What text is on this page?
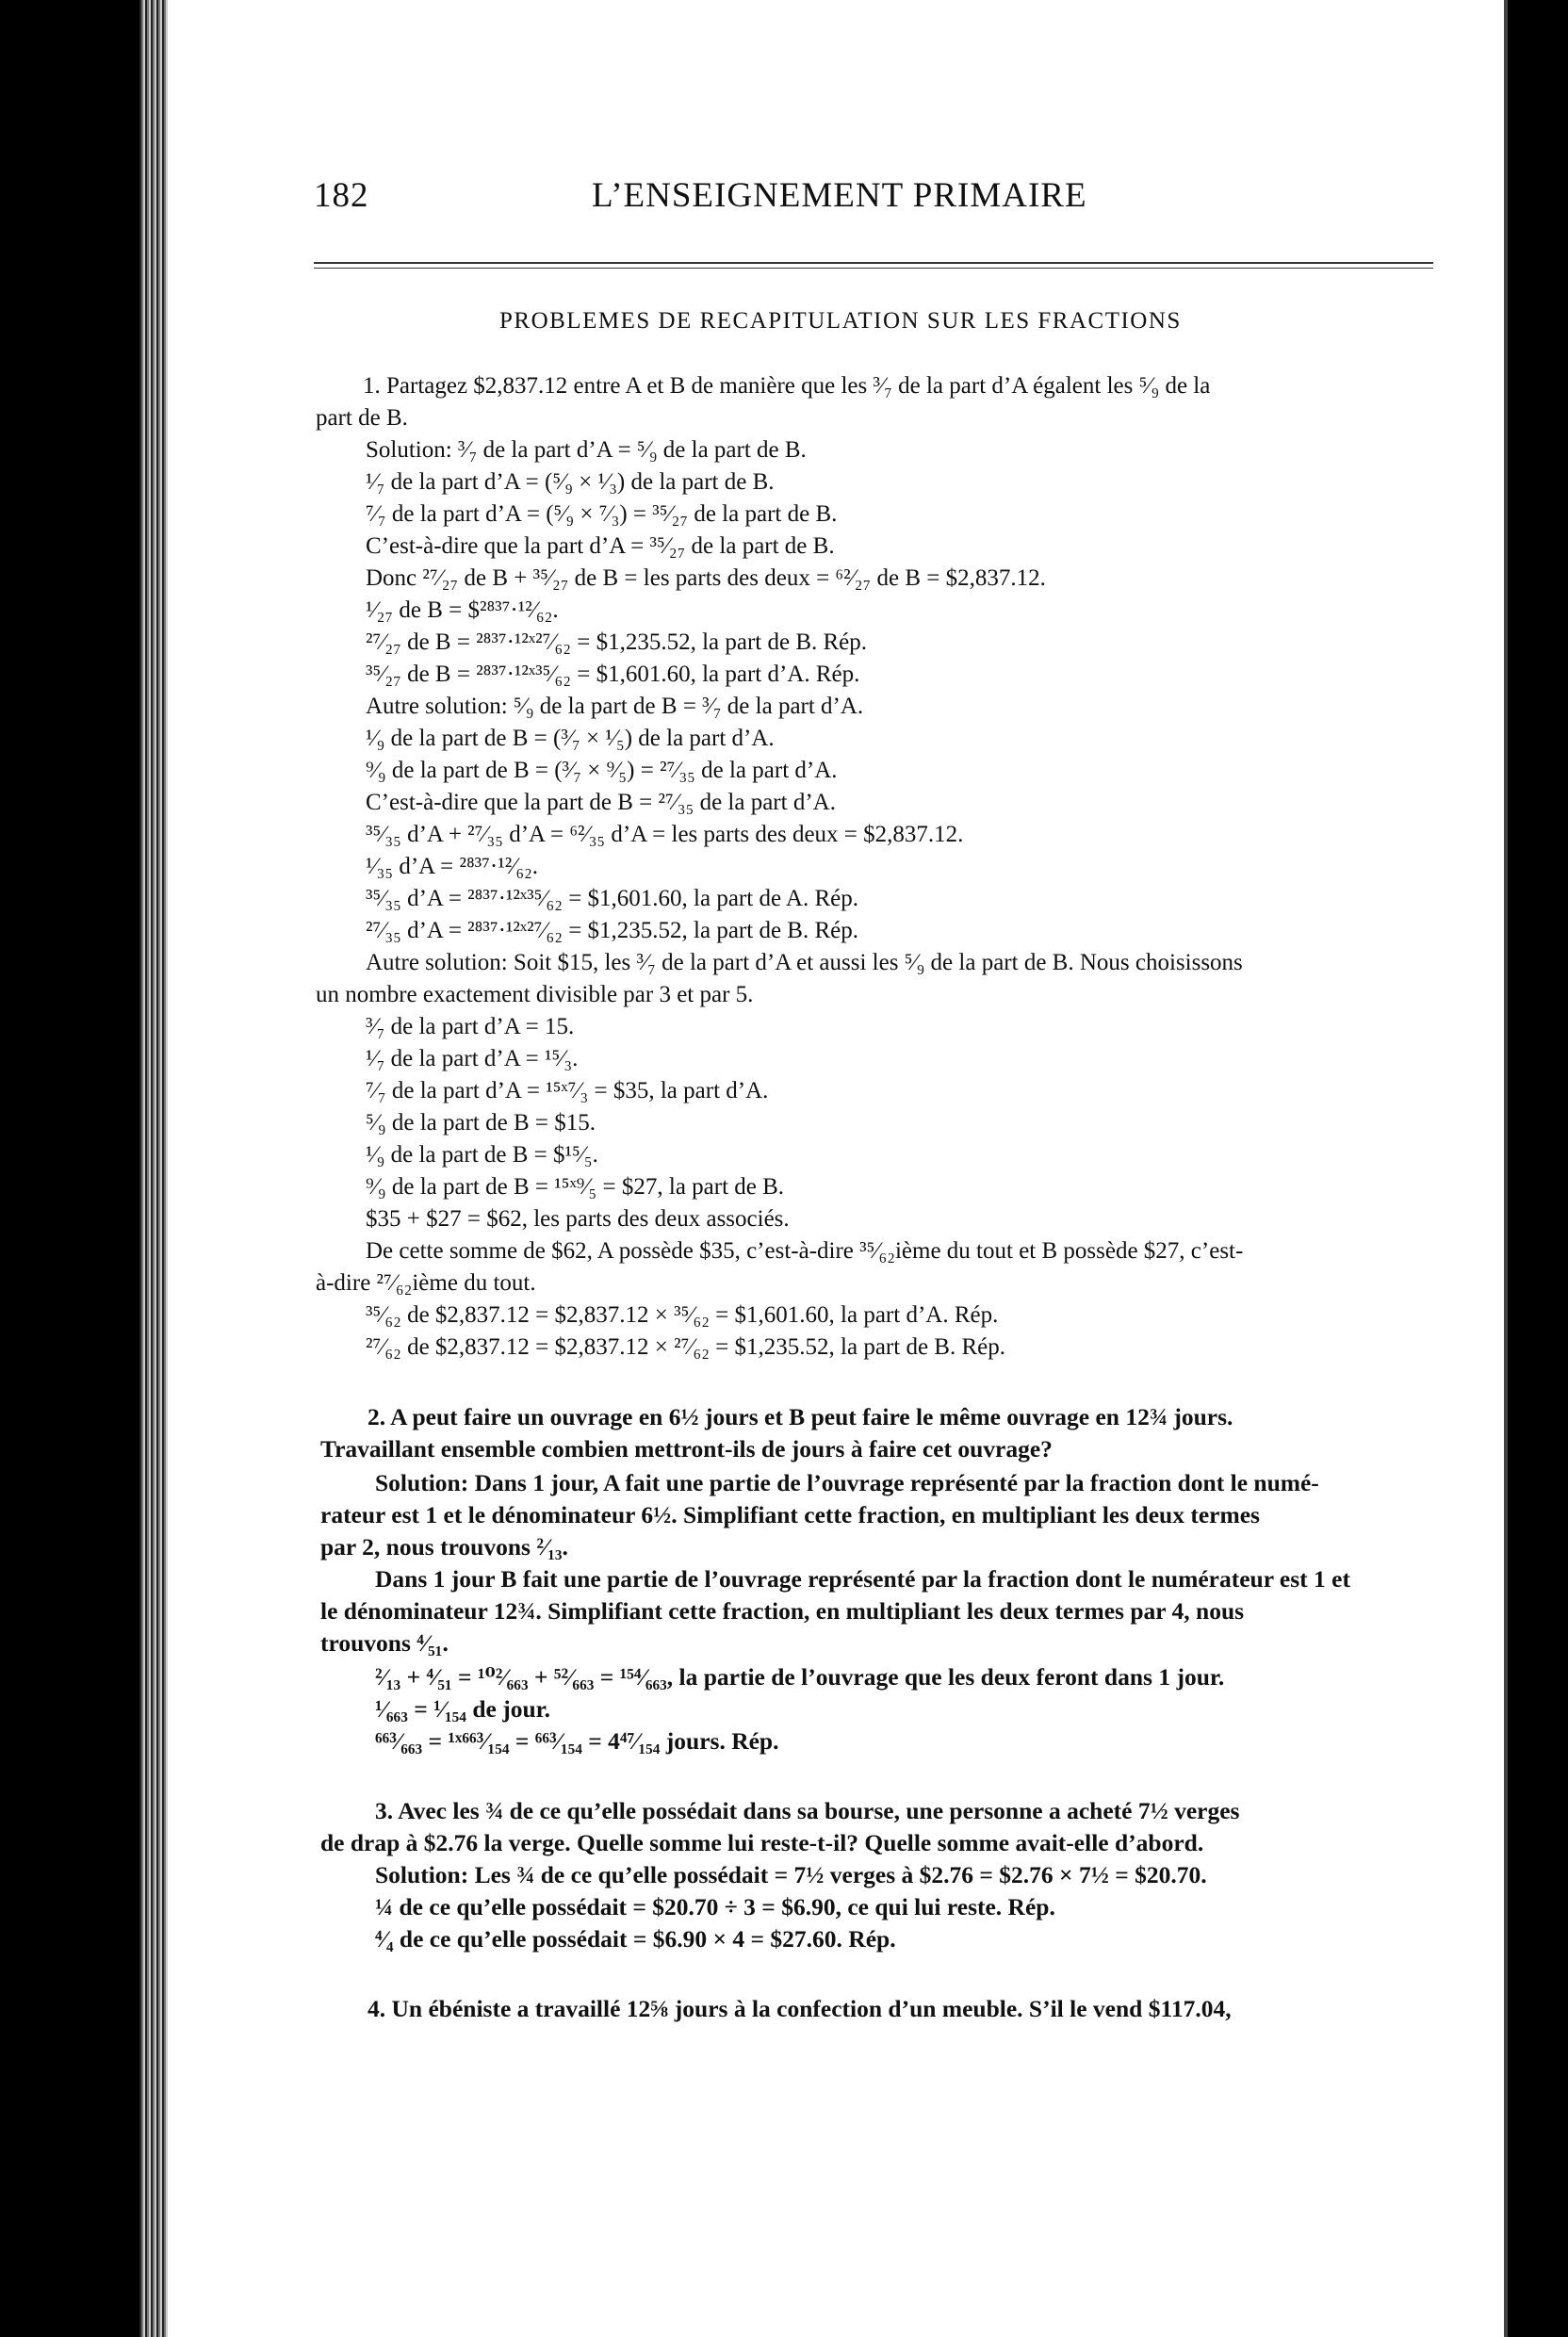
182	L’ENSEIGNEMENT PRIMAIRE
PROBLEMES DE RECAPITULATION SUR LES FRACTIONS
1. Partagez $2,837.12 entre A et B de manière que les ³⁄₇ de la part d’A égalent les ⁵⁄₉ de la
part de B.
Solution: ³⁄₇ de la part d’A = ⁵⁄₉ de la part de B.
¹⁄₇ de la part d’A = (⁵⁄₉ × ¹⁄₃) de la part de B.
⁷⁄₇ de la part d’A = (⁵⁄₉ × ⁷⁄₃) = ³⁵⁄₂₇ de la part de B.
C’est-à-dire que la part d’A = ³⁵⁄₂₇ de la part de B.
Donc ²⁷⁄₂₇ de B + ³⁵⁄₂₇ de B = les parts des deux = ⁶²⁄₂₇ de B = $2,837.12.
¹⁄₂₇ de B = $²⁸³⁷·¹²⁄₆₂.
²⁷⁄₂₇ de B = ²⁸³⁷·¹²ˣ²⁷⁄₆₂ = $1,235.52, la part de B. Rép.
³⁵⁄₂₇ de B = ²⁸³⁷·¹²ˣ³⁵⁄₆₂ = $1,601.60, la part d’A. Rép.
Autre solution: ⁵⁄₉ de la part de B = ³⁄₇ de la part d’A.
¹⁄₉ de la part de B = (³⁄₇ × ¹⁄₅) de la part d’A.
⁹⁄₉ de la part de B = (³⁄₇ × ⁹⁄₅) = ²⁷⁄₃₅ de la part d’A.
C’est-à-dire que la part de B = ²⁷⁄₃₅ de la part d’A.
³⁵⁄₃₅ d’A + ²⁷⁄₃₅ d’A = ⁶²⁄₃₅ d’A = les parts des deux = $2,837.12.
¹⁄₃₅ d’A = ²⁸³⁷·¹²⁄₆₂.
³⁵⁄₃₅ d’A = ²⁸³⁷·¹²ˣ³⁵⁄₆₂ = $1,601.60, la part de A. Rép.
²⁷⁄₃₅ d’A = ²⁸³⁷·¹²ˣ²⁷⁄₆₂ = $1,235.52, la part de B. Rép.
Autre solution: Soit $15, les ³⁄₇ de la part d’A et aussi les ⁵⁄₉ de la part de B. Nous choisissons
un nombre exactement divisible par 3 et par 5.
³⁄₇ de la part d’A = 15.
¹⁄₇ de la part d’A = ¹⁵⁄₃.
⁷⁄₇ de la part d’A = ¹⁵ˣ⁷⁄₃ = $35, la part d’A.
⁵⁄₉ de la part de B = $15.
¹⁄₉ de la part de B = $¹⁵⁄₅.
⁹⁄₉ de la part de B = ¹⁵ˣ⁹⁄₅ = $27, la part de B.
$35 + $27 = $62, les parts des deux associés.
De cette somme de $62, A possède $35, c’est-à-dire ³⁵⁄₆₂ième du tout et B possède $27, c’est-
à-dire ²⁷⁄₆₂ième du tout.
³⁵⁄₆₂ de $2,837.12 = $2,837.12 × ³⁵⁄₆₂ = $1,601.60, la part d’A. Rép.
²⁷⁄₆₂ de $2,837.12 = $2,837.12 × ²⁷⁄₆₂ = $1,235.52, la part de B. Rép.
2. A peut faire un ouvrage en 6½ jours et B peut faire le même ouvrage en 12¾ jours.
Travaillant ensemble combien mettront-ils de jours à faire cet ouvrage?
Solution: Dans 1 jour, A fait une partie de l’ouvrage représenté par la fraction dont le numé-
rateur est 1 et le dénominateur 6½. Simplifiant cette fraction, en multipliant les deux termes
par 2, nous trouvons ²⁄₁₃.
Dans 1 jour B fait une partie de l’ouvrage représenté par la fraction dont le numérateur est 1 et
le dénominateur 12¾. Simplifiant cette fraction, en multipliant les deux termes par 4, nous
trouvons ⁴⁄₅₁.
²⁄₁₃ + ⁴⁄₅₁ = ¹⁰²⁄₆₆₃ + ⁵²⁄₆₆₃ = ¹⁵⁴⁄₆₆₃, la partie de l’ouvrage que les deux feront dans 1 jour.
¹⁄₆₆₃ = ¹⁄₁₅₄ de jour.
⁶⁶³⁄₆₆₃ = ¹ˣ⁶⁶³⁄₁₅₄ = ⁶⁶³⁄₁₅₄ = 4⁴⁷⁄₁₅₄ jours. Rép.
3. Avec les ¾ de ce qu’elle possédait dans sa bourse, une personne a acheté 7½ verges
de drap à $2.76 la verge. Quelle somme lui reste-t-il? Quelle somme avait-elle d’abord.
Solution: Les ¾ de ce qu’elle possédait = 7½ verges à $2.76 = $2.76 × 7½ = $20.70.
¼ de ce qu’elle possédait = $20.70 ÷ 3 = $6.90, ce qui lui reste. Rép.
⁴⁄₄ de ce qu’elle possédait = $6.90 × 4 = $27.60. Rép.
4. Un ébéniste a travaillé 12⅝ jours à la confection d’un meuble. S’il le vend $117.04,
